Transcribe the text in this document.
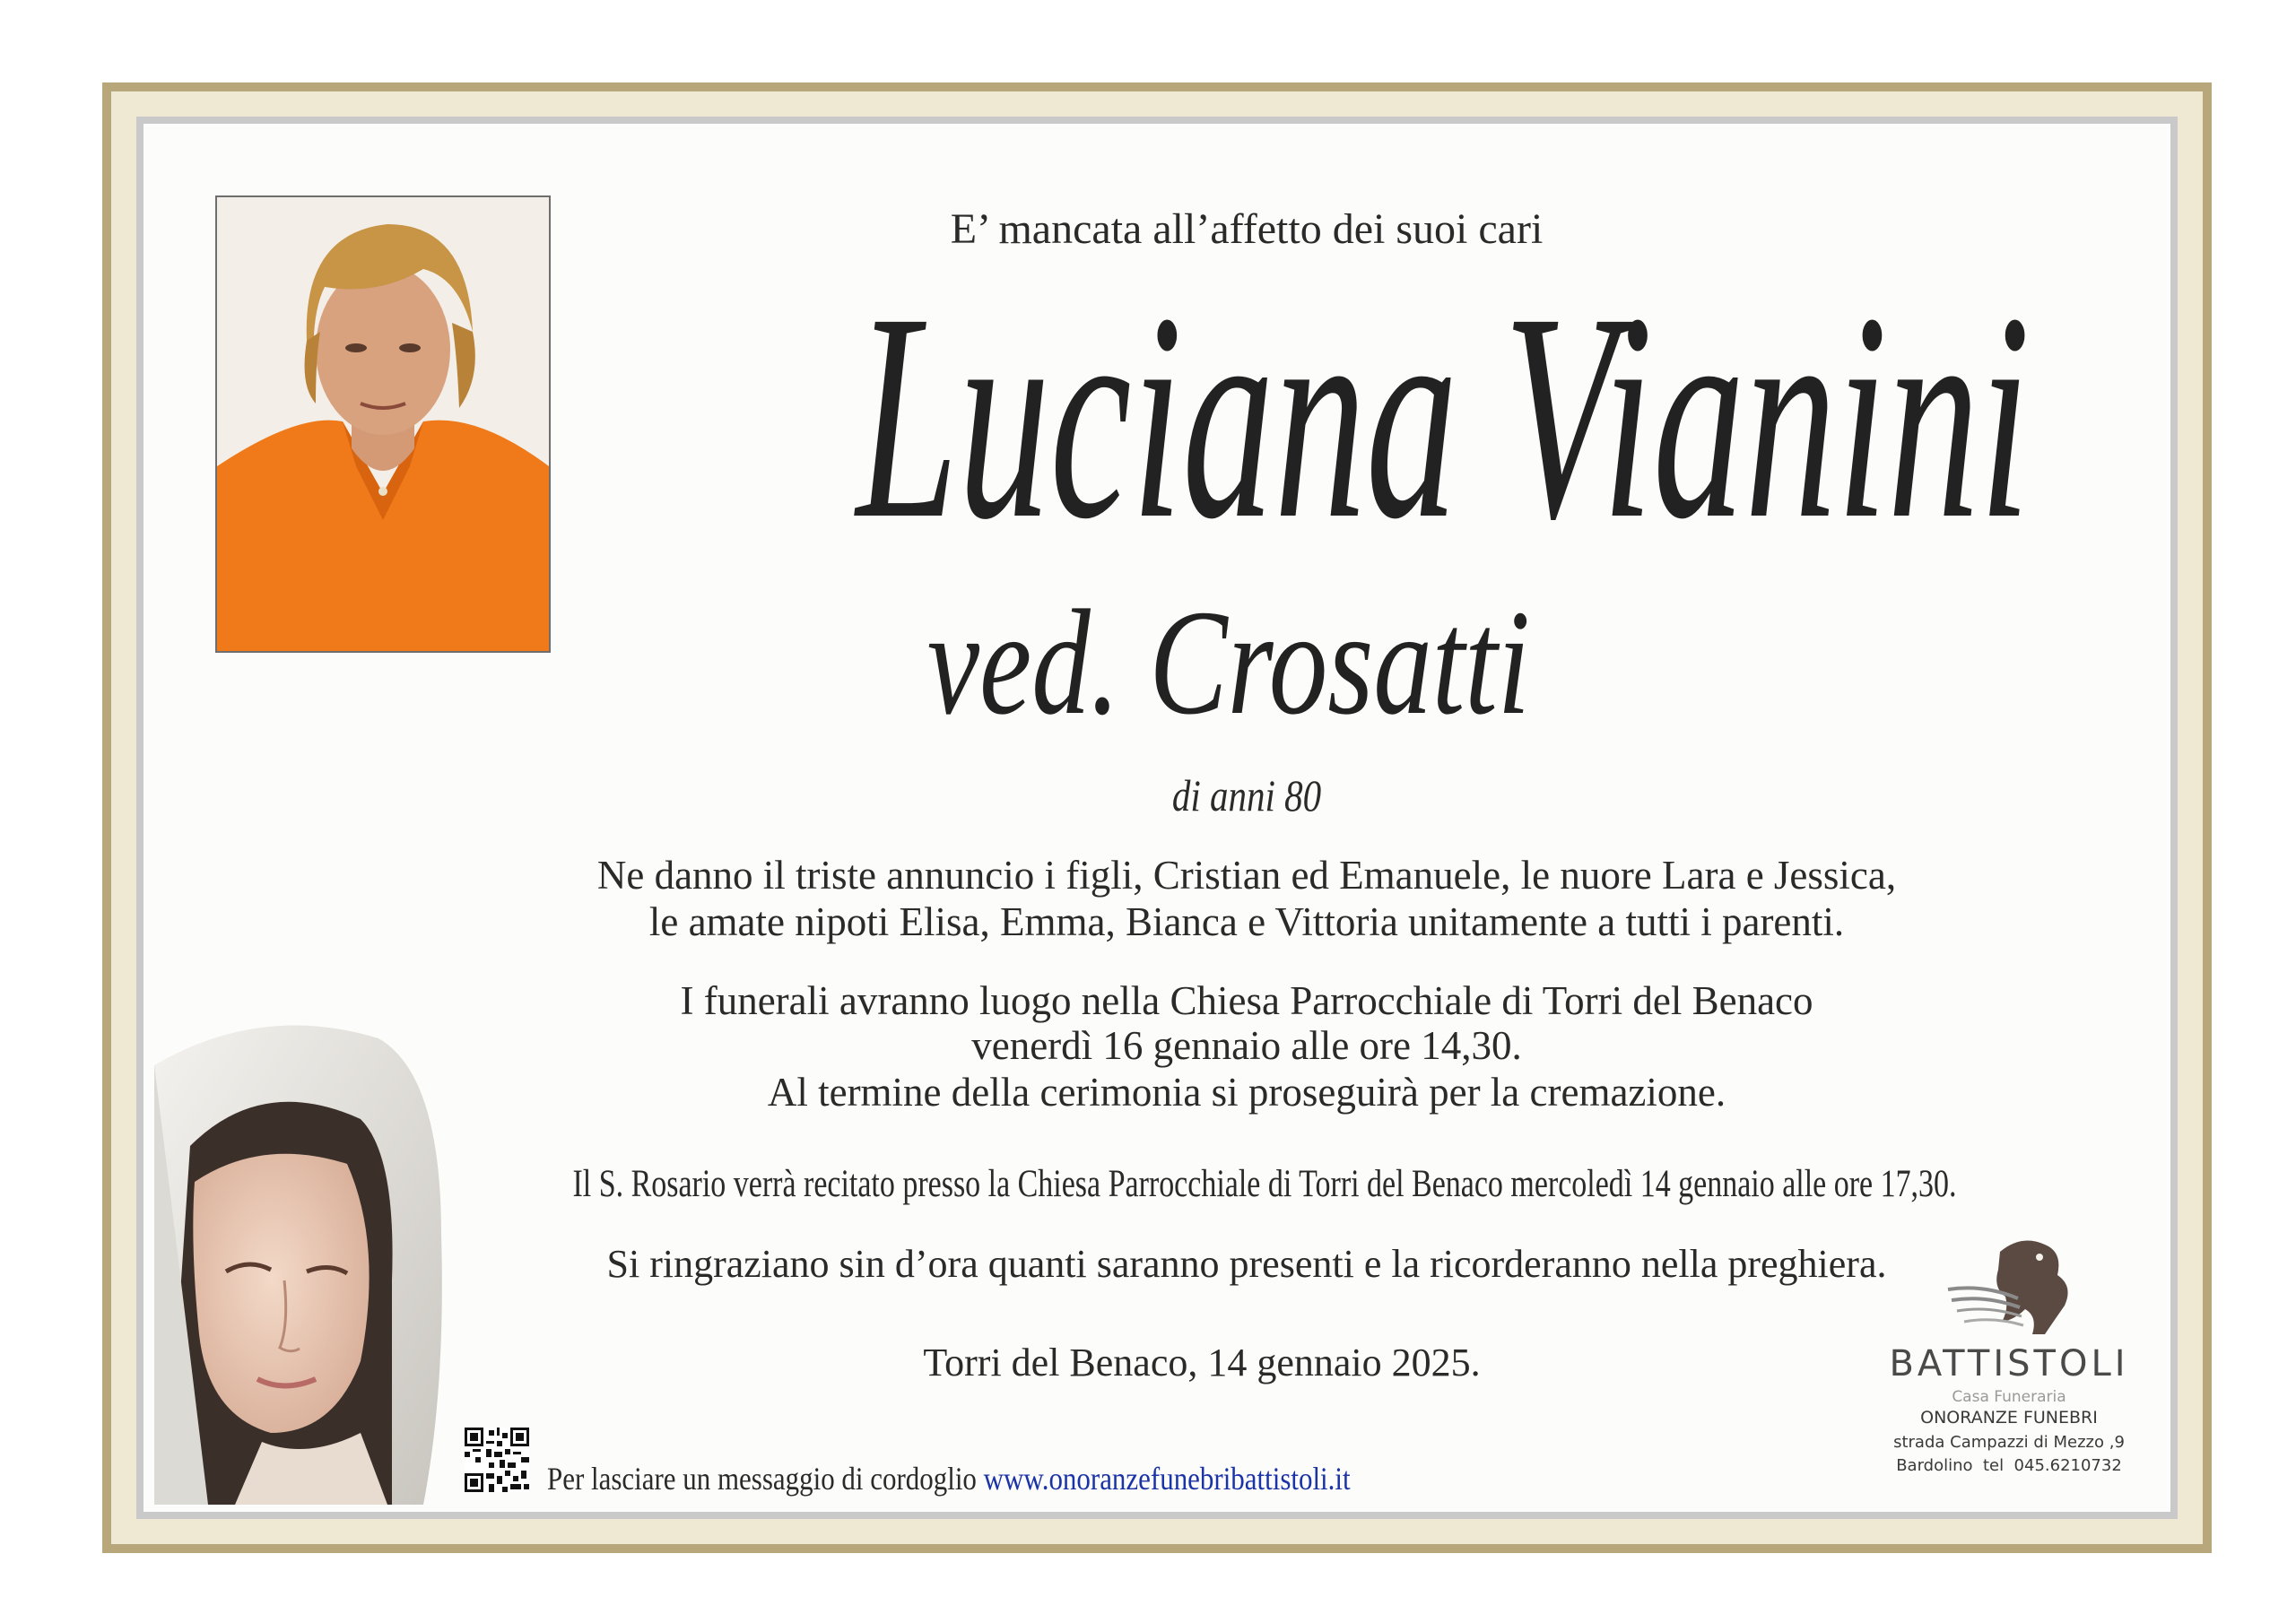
E’ mancata all’affetto dei suoi cari
Luciana Vianini
ved. Crosatti
di anni 80
Ne danno il triste annuncio i figli, Cristian ed Emanuele, le nuore Lara e Jessica,
le amate nipoti Elisa, Emma, Bianca e Vittoria unitamente a tutti i parenti.
I funerali avranno luogo nella Chiesa Parrocchiale di Torri del Benaco
venerdì 16 gennaio alle ore 14,30.
Al termine della cerimonia si proseguirà per la cremazione.
Il S. Rosario verrà recitato presso la Chiesa Parrocchiale di Torri del Benaco mercoledì 14 gennaio alle ore 17,30.
Si ringraziano sin d’ora quanti saranno presenti e la ricorderanno nella preghiera.
Torri del Benaco, 14 gennaio 2025.
Per lasciare un messaggio di cordoglio www.onoranzefunebribattistoli.it
BATTISTOLI
Casa Funeraria
ONORANZE FUNEBRI
strada Campazzi di Mezzo ,9
Bardolino  tel  045.6210732
